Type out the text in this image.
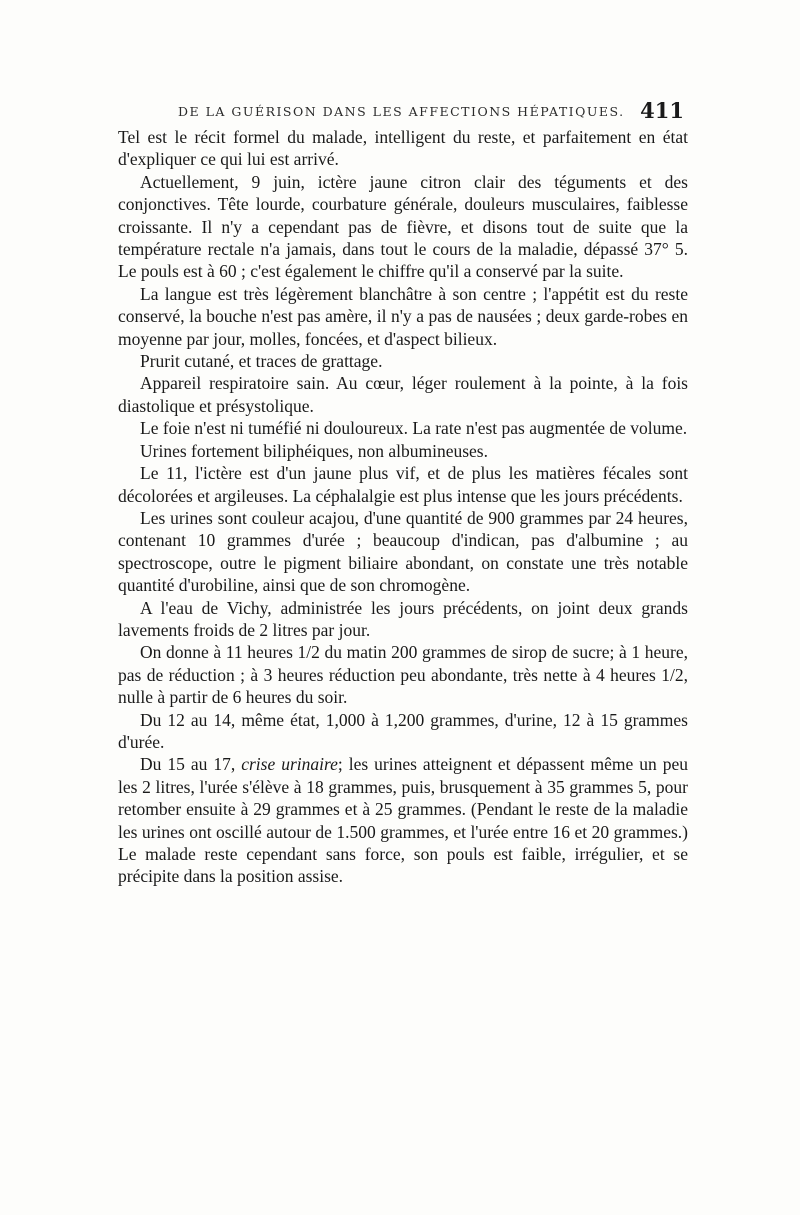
DE LA GUÉRISON DANS LES AFFECTIONS HÉPATIQUES. 411

Tel est le récit formel du malade, intelligent du reste, et parfaitement en état d'expliquer ce qui lui est arrivé.

Actuellement, 9 juin, ictère jaune citron clair des téguments et des conjonctives. Tête lourde, courbature générale, douleurs musculaires, faiblesse croissante. Il n'y a cependant pas de fièvre, et disons tout de suite que la température rectale n'a jamais, dans tout le cours de la maladie, dépassé 37° 5. Le pouls est à 60 ; c'est également le chiffre qu'il a conservé par la suite.

La langue est très légèrement blanchâtre à son centre ; l'appétit est du reste conservé, la bouche n'est pas amère, il n'y a pas de nausées ; deux garde-robes en moyenne par jour, molles, foncées, et d'aspect bilieux.

Prurit cutané, et traces de grattage.

Appareil respiratoire sain. Au cœur, léger roulement à la pointe, à la fois diastolique et présystolique.

Le foie n'est ni tuméfié ni douloureux. La rate n'est pas augmentée de volume.

Urines fortement biliphéiques, non albumineuses.

Le 11, l'ictère est d'un jaune plus vif, et de plus les matières fécales sont décolorées et argileuses. La céphalalgie est plus intense que les jours précédents.

Les urines sont couleur acajou, d'une quantité de 900 grammes par 24 heures, contenant 10 grammes d'urée ; beaucoup d'indican, pas d'albumine ; au spectroscope, outre le pigment biliaire abondant, on constate une très notable quantité d'urobiline, ainsi que de son chromogène.

A l'eau de Vichy, administrée les jours précédents, on joint deux grands lavements froids de 2 litres par jour.

On donne à 11 heures 1/2 du matin 200 grammes de sirop de sucre; à 1 heure, pas de réduction ; à 3 heures réduction peu abondante, très nette à 4 heures 1/2, nulle à partir de 6 heures du soir.

Du 12 au 14, même état, 1,000 à 1,200 grammes, d'urine, 12 à 15 grammes d'urée.

Du 15 au 17, crise urinaire; les urines atteignent et dépassent même un peu les 2 litres, l'urée s'élève à 18 grammes, puis, brusquement à 35 grammes 5, pour retomber ensuite à 29 grammes et à 25 grammes. (Pendant le reste de la maladie les urines ont oscillé autour de 1.500 grammes, et l'urée entre 16 et 20 grammes.) Le malade reste cependant sans force, son pouls est faible, irrégulier, et se précipite dans la position assise.
